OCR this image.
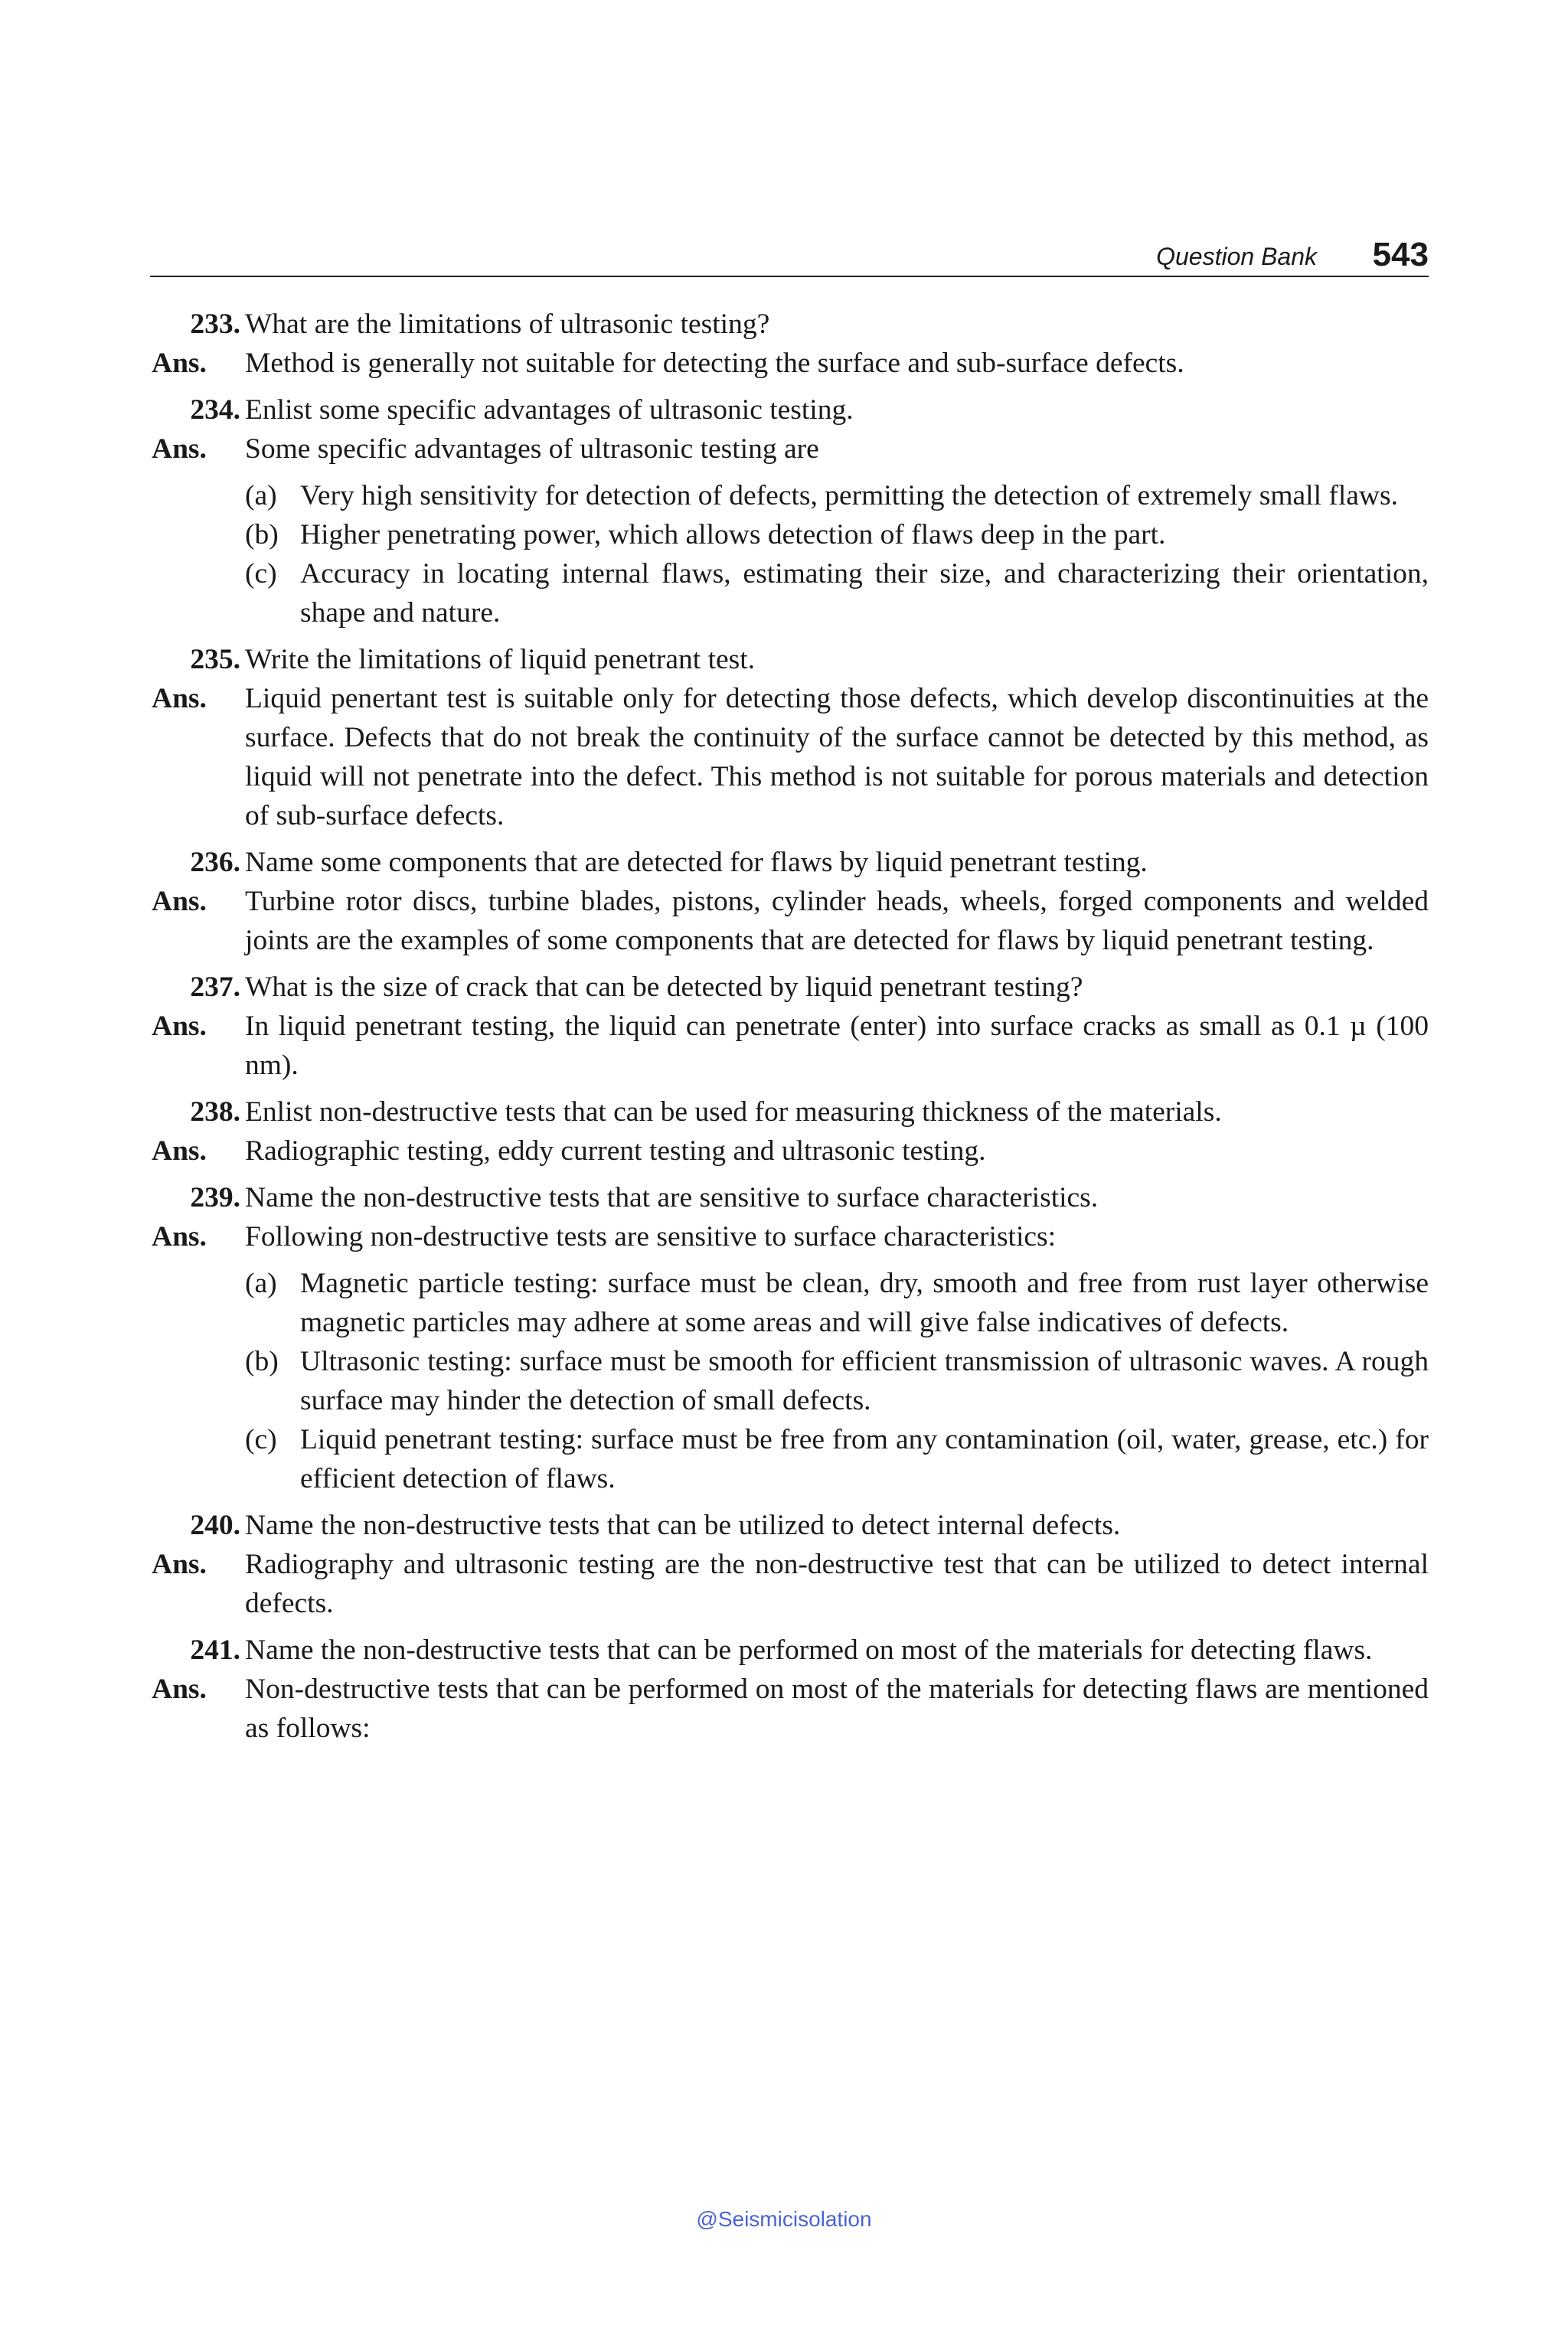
Question Bank 543
233. What are the limitations of ultrasonic testing?
Ans.	Method is generally not suitable for detecting the surface and sub-surface defects.
234. Enlist some specific advantages of ultrasonic testing.
Ans.	Some specific advantages of ultrasonic testing are
(a) Very high sensitivity for detection of defects, permitting the detection of extremely small flaws.
(b) Higher penetrating power, which allows detection of flaws deep in the part.
(c) Accuracy in locating internal flaws, estimating their size, and characterizing their orientation, shape and nature.
235. Write the limitations of liquid penetrant test.
Ans.	Liquid penertant test is suitable only for detecting those defects, which develop discontinuities at the surface. Defects that do not break the continuity of the surface cannot be detected by this method, as liquid will not penetrate into the defect. This method is not suitable for porous materials and detection of sub-surface defects.
236. Name some components that are detected for flaws by liquid penetrant testing.
Ans.	Turbine rotor discs, turbine blades, pistons, cylinder heads, wheels, forged components and welded joints are the examples of some components that are detected for flaws by liquid penetrant testing.
237. What is the size of crack that can be detected by liquid penetrant testing?
Ans.	In liquid penetrant testing, the liquid can penetrate (enter) into surface cracks as small as 0.1 µ (100 nm).
238. Enlist non-destructive tests that can be used for measuring thickness of the materials.
Ans.	Radiographic testing, eddy current testing and ultrasonic testing.
239. Name the non-destructive tests that are sensitive to surface characteristics.
Ans.	Following non-destructive tests are sensitive to surface characteristics:
(a) Magnetic particle testing: surface must be clean, dry, smooth and free from rust layer otherwise magnetic particles may adhere at some areas and will give false indicatives of defects.
(b) Ultrasonic testing: surface must be smooth for efficient transmission of ultrasonic waves. A rough surface may hinder the detection of small defects.
(c) Liquid penetrant testing: surface must be free from any contamination (oil, water, grease, etc.) for efficient detection of flaws.
240. Name the non-destructive tests that can be utilized to detect internal defects.
Ans.	Radiography and ultrasonic testing are the non-destructive test that can be utilized to detect internal defects.
241. Name the non-destructive tests that can be performed on most of the materials for detecting flaws.
Ans.	Non-destructive tests that can be performed on most of the materials for detecting flaws are mentioned as follows:
@Seismicisolation
